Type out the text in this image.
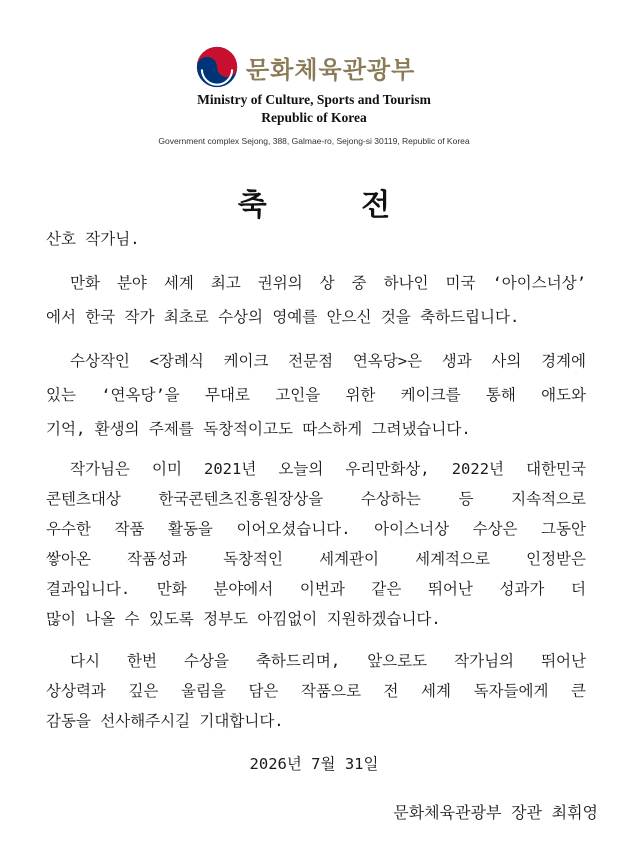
문화체육관광부
Ministry of Culture, Sports and Tourism
Republic of Korea
Government complex Sejong, 388, Galmae-ro, Sejong-si 30119, Republic of Korea
축 전
산호 작가님.
만화 분야 세계 최고 권위의 상 중 하나인 미국 ‘아이스너상’
에서 한국 작가 최초로 수상의 영예를 안으신 것을 축하드립니다.
수상작인 <장례식 케이크 전문점 연옥당>은 생과 사의 경계에
있는 ‘연옥당’을 무대로 고인을 위한 케이크를 통해 애도와
기억, 환생의 주제를 독창적이고도 따스하게 그려냈습니다.
작가님은 이미 2021년 오늘의 우리만화상, 2022년 대한민국
콘텐츠대상 한국콘텐츠진흥원장상을 수상하는 등 지속적으로
우수한 작품 활동을 이어오셨습니다. 아이스너상 수상은 그동안
쌓아온 작품성과 독창적인 세계관이 세계적으로 인정받은
결과입니다. 만화 분야에서 이번과 같은 뛰어난 성과가 더
많이 나올 수 있도록 정부도 아낌없이 지원하겠습니다.
다시 한번 수상을 축하드리며, 앞으로도 작가님의 뛰어난
상상력과 깊은 울림을 담은 작품으로 전 세계 독자들에게 큰
감동을 선사해주시길 기대합니다.
2026년 7월 31일
문화체육관광부 장관 최휘영
